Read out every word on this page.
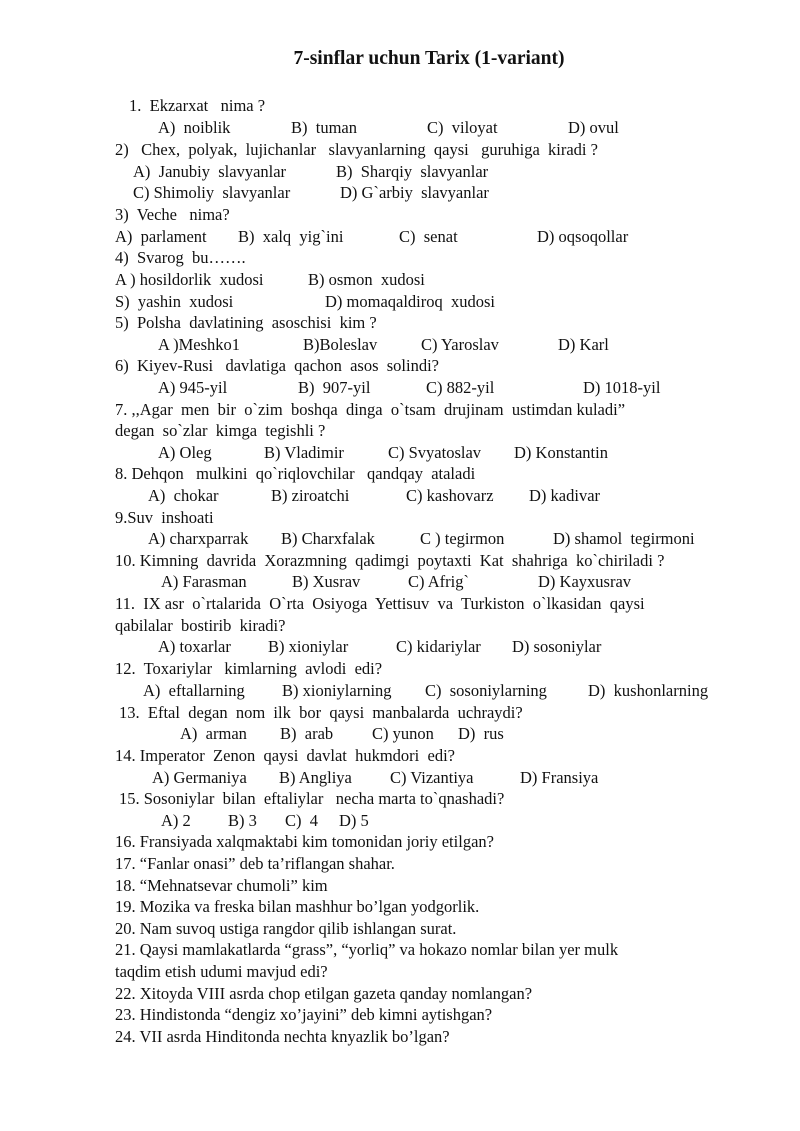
7-sinflar uchun Tarix (1-variant)
1.  Ekzarxat   nima ?
A)  noiblik	B)  tuman	C)  viloyat	D) ovul
2)   Chex,  polyak,  lujichanlar   slavyanlarning  qaysi   guruhiga  kiradi ?
A)  Janubiy  slavyanlar	B)  Sharqiy  slavyanlar
C) Shimoliy  slavyanlar	D) G`arbiy  slavyanlar
3)  Veche   nima?
A)  parlament B)  xalq  yig`ini	C)  senat	D) oqsoqollar
4)  Svarog  bu…….
A ) hosildorlik  xudosi	B) osmon  xudosi
S)  yashin  xudosi	D) momaqaldiroq  xudosi
5)  Polsha  davlatining  asoschisi  kim ?
A )Meshko1	B)Boleslav	C) Yaroslav	D) Karl
6)  Kiyev-Rusi   davlatiga  qachon  asos  solindi?
A) 945-yil	B)  907-yil	C) 882-yil	D) 1018-yil
7. ,,Agar  men  bir  o`zim  boshqa  dinga  o`tsam  drujinam  ustimdan kuladi”
degan  so`zlar  kimga  tegishli ?
A) Oleg	B) Vladimir	C) Svyatoslav D) Konstantin
8. Dehqon   mulkini  qo`riqlovchilar   qandqay  ataladi
A)  chokar	B) ziroatchi	C) kashovarz D) kadivar
9.Suv  inshoati
A) charxparrak B) Charxfalak	C ) tegirmon	D) shamol  tegirmoni
10. Kimning  davrida  Xorazmning  qadimgi  poytaxti  Kat  shahriga  ko`chiriladi ?
A) Farasman	B) Xusrav	C) Afrig`	D) Kayxusrav
11.  IX asr  o`rtalarida  O`rta  Osiyoga  Yettisuv  va  Turkiston  o`lkasidan  qaysi
qabilalar  bostirib  kiradi?
A) toxarlar B) xioniylar	C) kidariylar D) sosoniylar
12.  Toxariylar   kimlarning  avlodi  edi?
A)  eftallarning B) xioniylarning C)  sosoniylarning D)  kushonlarning
13.  Eftal  degan  nom  ilk  bor  qaysi  manbalarda  uchraydi?
A)  arman B)  arab C) yunon D)  rus
14. Imperator  Zenon  qaysi  davlat  hukmdori  edi?
A) Germaniya B) Angliya C) Vizantiya	D) Fransiya
15. Sosoniylar  bilan  eftaliylar   necha marta to`qnashadi?
A) 2 B) 3 C)  4 D) 5
16. Fransiyada xalqmaktabi kim tomonidan joriy etilgan?
17. “Fanlar onasi” deb ta’riflangan shahar.
18. “Mehnatsevar chumoli” kim
19. Mozika va freska bilan mashhur bo’lgan yodgorlik.
20. Nam suvoq ustiga rangdor qilib ishlangan surat.
21. Qaysi mamlakatlarda “grass”, “yorliq” va hokazo nomlar bilan yer mulk
taqdim etish udumi mavjud edi?
22. Xitoyda VIII asrda chop etilgan gazeta qanday nomlangan?
23. Hindistonda “dengiz xo’jayini” deb kimni aytishgan?
24. VII asrda Hinditonda nechta knyazlik bo’lgan?
